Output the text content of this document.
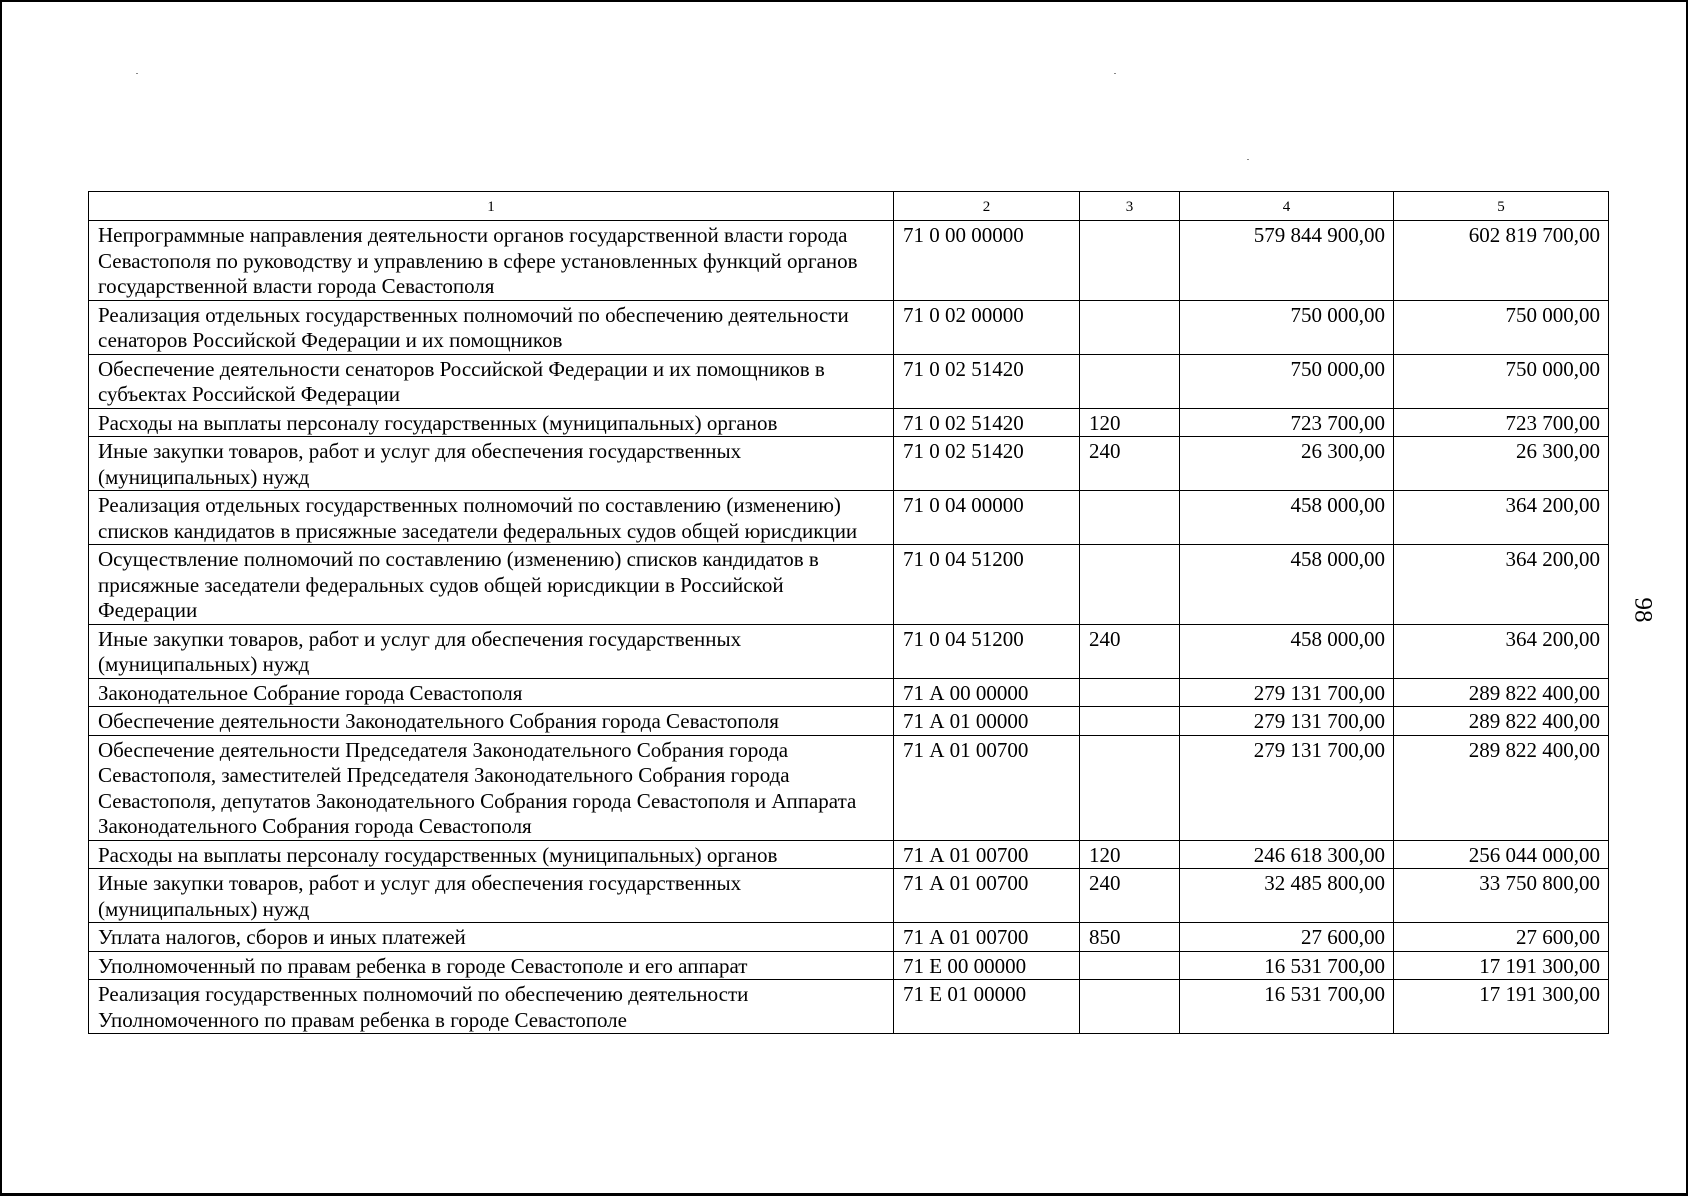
1	2	3	4	5
Непрограммные направления деятельности органов государственной власти города Севастополя по руководству и управлению в сфере установленных функций органов государственной власти города Севастополя	71 0 00 00000		579 844 900,00	602 819 700,00
Реализация отдельных государственных полномочий по обеспечению деятельности сенаторов Российской Федерации и их помощников	71 0 02 00000		750 000,00	750 000,00
Обеспечение деятельности сенаторов Российской Федерации и их помощников в субъектах Российской Федерации	71 0 02 51420		750 000,00	750 000,00
Расходы на выплаты персоналу государственных (муниципальных) органов	71 0 02 51420	120	723 700,00	723 700,00
Иные закупки товаров, работ и услуг для обеспечения государственных (муниципальных) нужд	71 0 02 51420	240	26 300,00	26 300,00
Реализация отдельных государственных полномочий по составлению (изменению) списков кандидатов в присяжные заседатели федеральных судов общей юрисдикции	71 0 04 00000		458 000,00	364 200,00
Осуществление полномочий по составлению (изменению) списков кандидатов в присяжные заседатели федеральных судов общей юрисдикции в Российской Федерации	71 0 04 51200		458 000,00	364 200,00
Иные закупки товаров, работ и услуг для обеспечения государственных (муниципальных) нужд	71 0 04 51200	240	458 000,00	364 200,00
Законодательное Собрание города Севастополя	71 А 00 00000		279 131 700,00	289 822 400,00
Обеспечение деятельности Законодательного Собрания города Севастополя	71 А 01 00000		279 131 700,00	289 822 400,00
Обеспечение деятельности Председателя Законодательного Собрания города Севастополя, заместителей Председателя Законодательного Собрания города Севастополя, депутатов Законодательного Собрания города Севастополя и Аппарата Законодательного Собрания города Севастополя	71 А 01 00700		279 131 700,00	289 822 400,00
Расходы на выплаты персоналу государственных (муниципальных) органов	71 А 01 00700	120	246 618 300,00	256 044 000,00
Иные закупки товаров, работ и услуг для обеспечения государственных (муниципальных) нужд	71 А 01 00700	240	32 485 800,00	33 750 800,00
Уплата налогов, сборов и иных платежей	71 А 01 00700	850	27 600,00	27 600,00
Уполномоченный по правам ребенка в городе Севастополе и его аппарат	71 Е 00 00000		16 531 700,00	17 191 300,00
Реализация государственных полномочий по обеспечению деятельности Уполномоченного по правам ребенка в городе Севастополе	71 Е 01 00000		16 531 700,00	17 191 300,00
98
